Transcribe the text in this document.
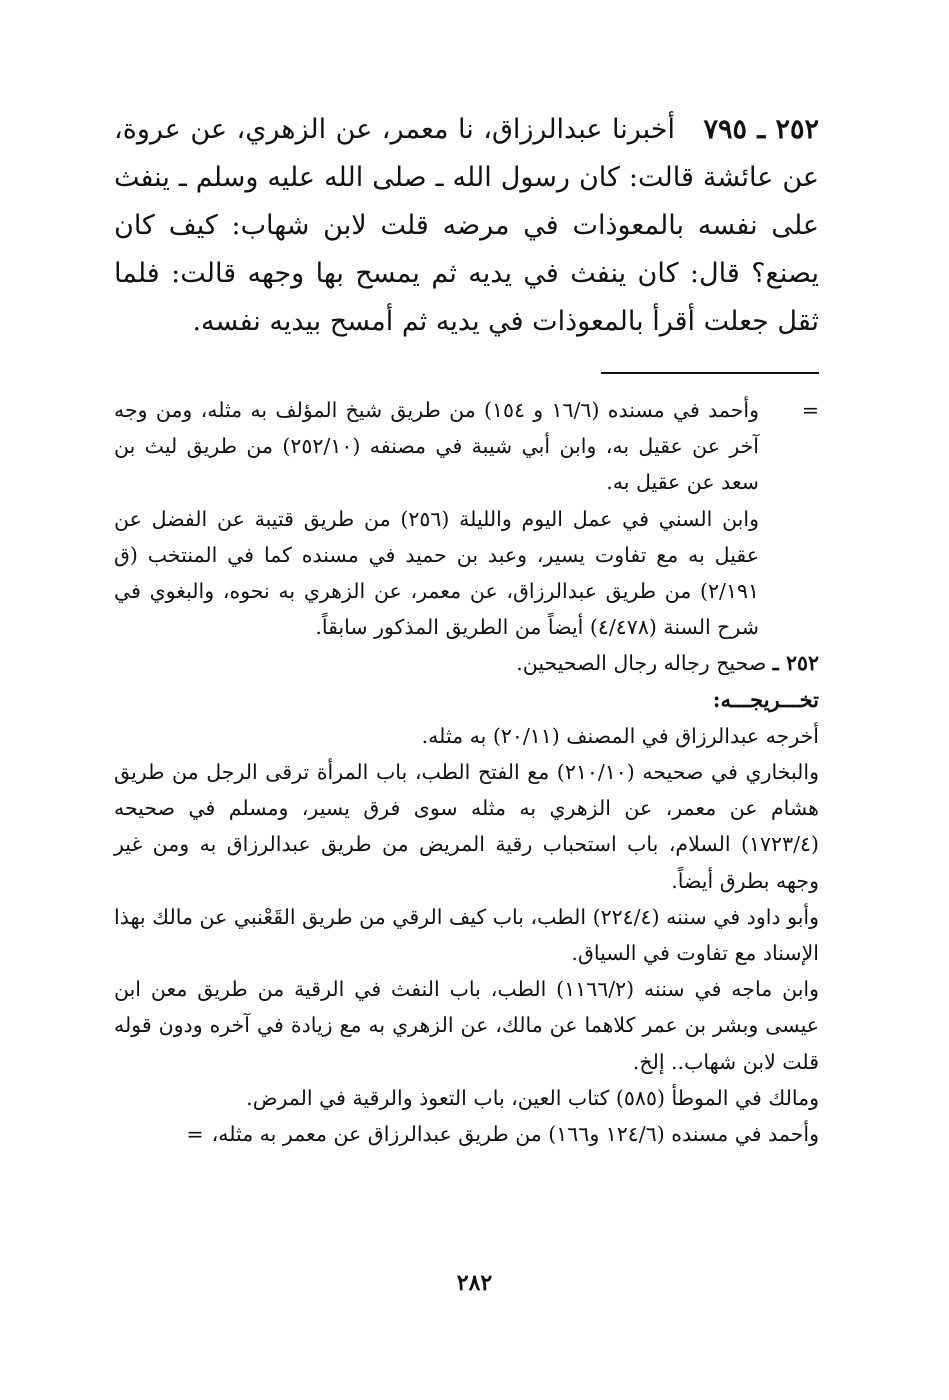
٢٥٢ ـ ٧٩٥   أخبرنا عبدالرزاق، نا معمر، عن الزهري، عن عروة، عن عائشة قالت: كان رسول الله ـ صلى الله عليه وسلم ـ ينفث على نفسه بالمعوذات في مرضه قلت لابن شهاب: كيف كان يصنع؟ قال: كان ينفث في يديه ثم يمسح بها وجهه قالت: فلما ثقل جعلت أقرأ بالمعوذات في يديه ثم أمسح بيديه نفسه.

=

وأحمد في مسنده (١٦/٦ و ١٥٤) من طريق شيخ المؤلف به مثله، ومن وجه آخر عن عقيل به، وابن أبي شيبة في مصنفه (٢٥٢/١٠) من طريق ليث بن سعد عن عقيل به.

وابن السني في عمل اليوم والليلة (٢٥٦) من طريق قتيبة عن الفضل عن عقيل به مع تفاوت يسير، وعبد بن حميد في مسنده كما في المنتخب (ق ٢/١٩١) من طريق عبدالرزاق، عن معمر، عن الزهري به نحوه، والبغوي في شرح السنة (٤/٤٧٨) أيضاً من الطريق المذكور سابقاً.

٢٥٢ ـ صحيح رجاله رجال الصحيحين.

تخـــريجـــه:

أخرجه عبدالرزاق في المصنف (٢٠/١١) به مثله.

والبخاري في صحيحه (٢١٠/١٠) مع الفتح الطب، باب المرأة ترقى الرجل من طريق هشام عن معمر، عن الزهري به مثله سوى فرق يسير، ومسلم في صحيحه (١٧٢٣/٤) السلام، باب استحباب رقية المريض من طريق عبدالرزاق به ومن غير وجهه بطرق أيضاً.

وأبو داود في سننه (٢٢٤/٤) الطب، باب كيف الرقي من طريق القَعْنبي عن مالك بهذا الإسناد مع تفاوت في السياق.

وابن ماجه في سننه (١١٦٦/٢) الطب، باب النفث في الرقية من طريق معن ابن عيسى وبشر بن عمر كلاهما عن مالك، عن الزهري به مع زيادة في آخره ودون قوله قلت لابن شهاب.. إلخ.

ومالك في الموطأ (٥٨٥) كتاب العين، باب التعوذ والرقية في المرض.

وأحمد في مسنده (١٢٤/٦ و١٦٦) من طريق عبدالرزاق عن معمر به مثله،=

٢٨٢
